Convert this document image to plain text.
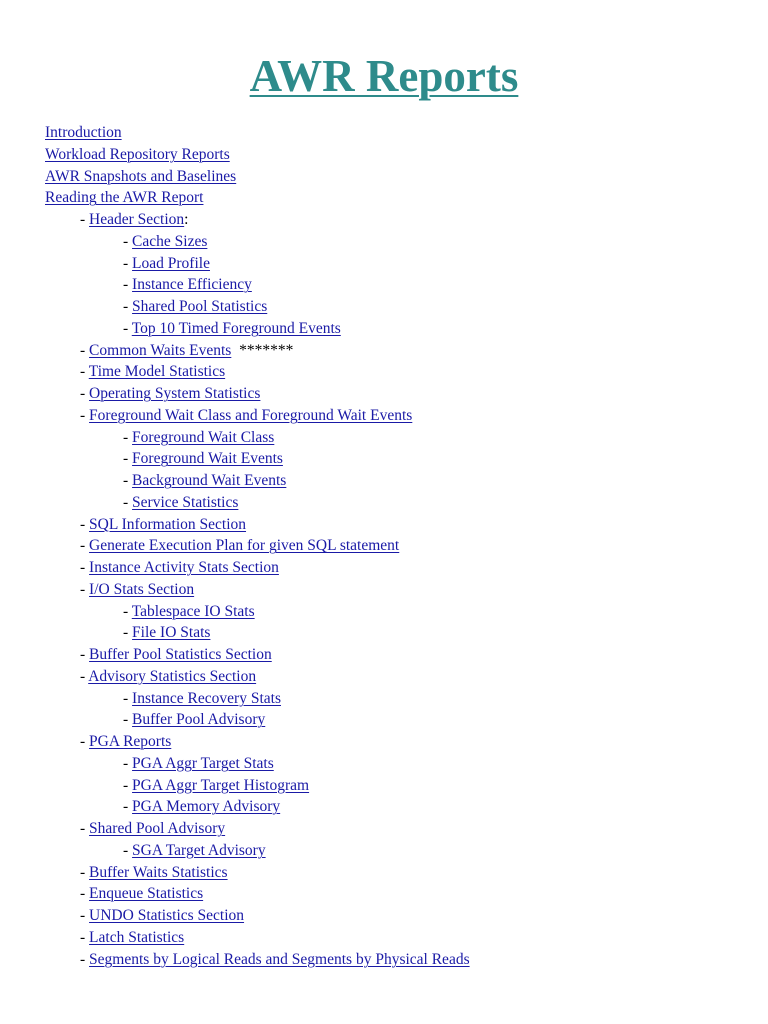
AWR Reports
Introduction
Workload Repository Reports
AWR Snapshots and Baselines
Reading the AWR Report
- Header Section:
- Cache Sizes
- Load Profile
- Instance Efficiency
- Shared Pool Statistics
- Top 10 Timed Foreground Events
- Common Waits Events  *******
- Time Model Statistics
- Operating System Statistics
- Foreground Wait Class and Foreground Wait Events
- Foreground Wait Class
- Foreground Wait Events
- Background Wait Events
- Service Statistics
- SQL Information Section
- Generate Execution Plan for given SQL statement
- Instance Activity Stats Section
- I/O Stats Section
- Tablespace IO Stats
- File IO Stats
- Buffer Pool Statistics Section
- Advisory Statistics Section
- Instance Recovery Stats
- Buffer Pool Advisory
- PGA Reports
- PGA Aggr Target Stats
- PGA Aggr Target Histogram
- PGA Memory Advisory
- Shared Pool Advisory
- SGA Target Advisory
- Buffer Waits Statistics
- Enqueue Statistics
- UNDO Statistics Section
- Latch Statistics
- Segments by Logical Reads and Segments by Physical Reads
